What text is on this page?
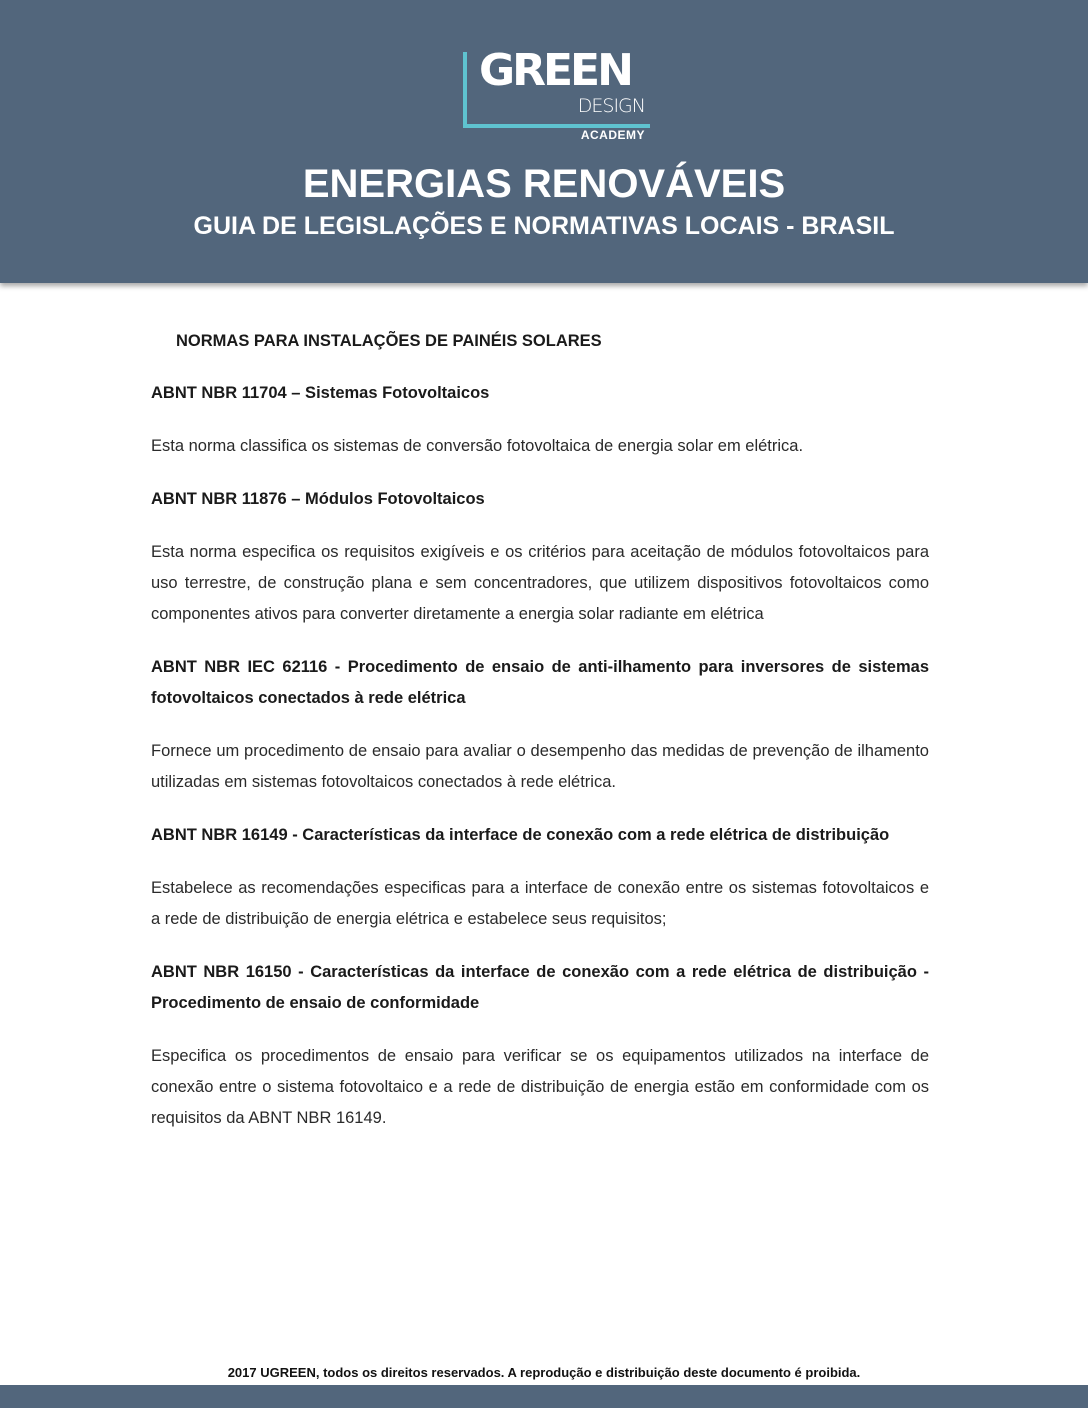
GREEN
DESIGN
ACADEMY
ENERGIAS RENOVÁVEIS
GUIA DE LEGISLAÇÕES E NORMATIVAS LOCAIS - BRASIL

NORMAS PARA INSTALAÇÕES DE PAINÉIS SOLARES

ABNT NBR 11704 – Sistemas Fotovoltaicos

Esta norma classifica os sistemas de conversão fotovoltaica de energia solar em elétrica.

ABNT NBR 11876 – Módulos Fotovoltaicos

Esta norma especifica os requisitos exigíveis e os critérios para aceitação de módulos fotovoltaicos para uso terrestre, de construção plana e sem concentradores, que utilizem dispositivos fotovoltaicos como componentes ativos para converter diretamente a energia solar radiante em elétrica

ABNT NBR IEC 62116 - Procedimento de ensaio de anti-ilhamento para inversores de sistemas fotovoltaicos conectados à rede elétrica

Fornece um procedimento de ensaio para avaliar o desempenho das medidas de prevenção de ilhamento utilizadas em sistemas fotovoltaicos conectados à rede elétrica.

ABNT NBR 16149 - Características da interface de conexão com a rede elétrica de distribuição

Estabelece as recomendações especificas para a interface de conexão entre os sistemas fotovoltaicos e a rede de distribuição de energia elétrica e estabelece seus requisitos;

ABNT NBR 16150 - Características da interface de conexão com a rede elétrica de distribuição - Procedimento de ensaio de conformidade

Especifica os procedimentos de ensaio para verificar se os equipamentos utilizados na interface de conexão entre o sistema fotovoltaico e a rede de distribuição de energia estão em conformidade com os requisitos da ABNT NBR 16149.

2017 UGREEN, todos os direitos reservados. A reprodução e distribuição deste documento é proibida.
